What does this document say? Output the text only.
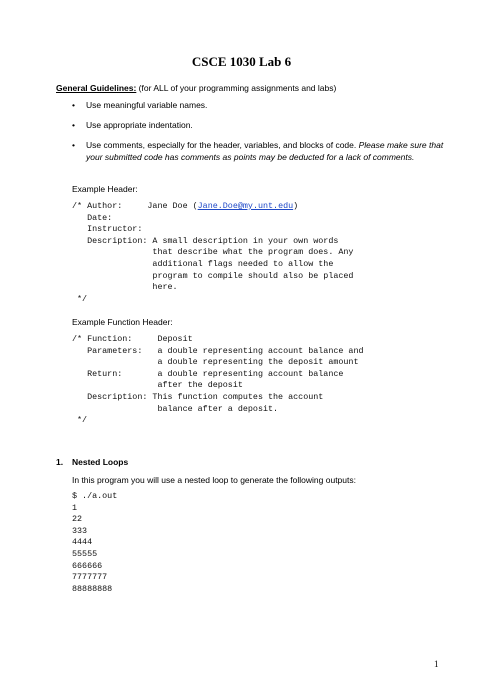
CSCE 1030 Lab 6
General Guidelines: (for ALL of your programming assignments and labs)
• Use meaningful variable names.
• Use appropriate indentation.
• Use comments, especially for the header, variables, and blocks of code. Please make sure that your submitted code has comments as points may be deducted for a lack of comments.
Example Header:
/* Author:     Jane Doe (Jane.Doe@my.unt.edu)
Date:
Instructor:
Description: A small description in your own words
that describe what the program does. Any
additional flags needed to allow the
program to compile should also be placed
here.
*/
Example Function Header:
/* Function:     Deposit
Parameters:   a double representing account balance and
a double representing the deposit amount
Return:       a double representing account balance
after the deposit
Description: This function computes the account
balance after a deposit.
*/
1. Nested Loops
In this program you will use a nested loop to generate the following outputs:
$ ./a.out
1
22
333
4444
55555
666666
7777777
88888888
1
